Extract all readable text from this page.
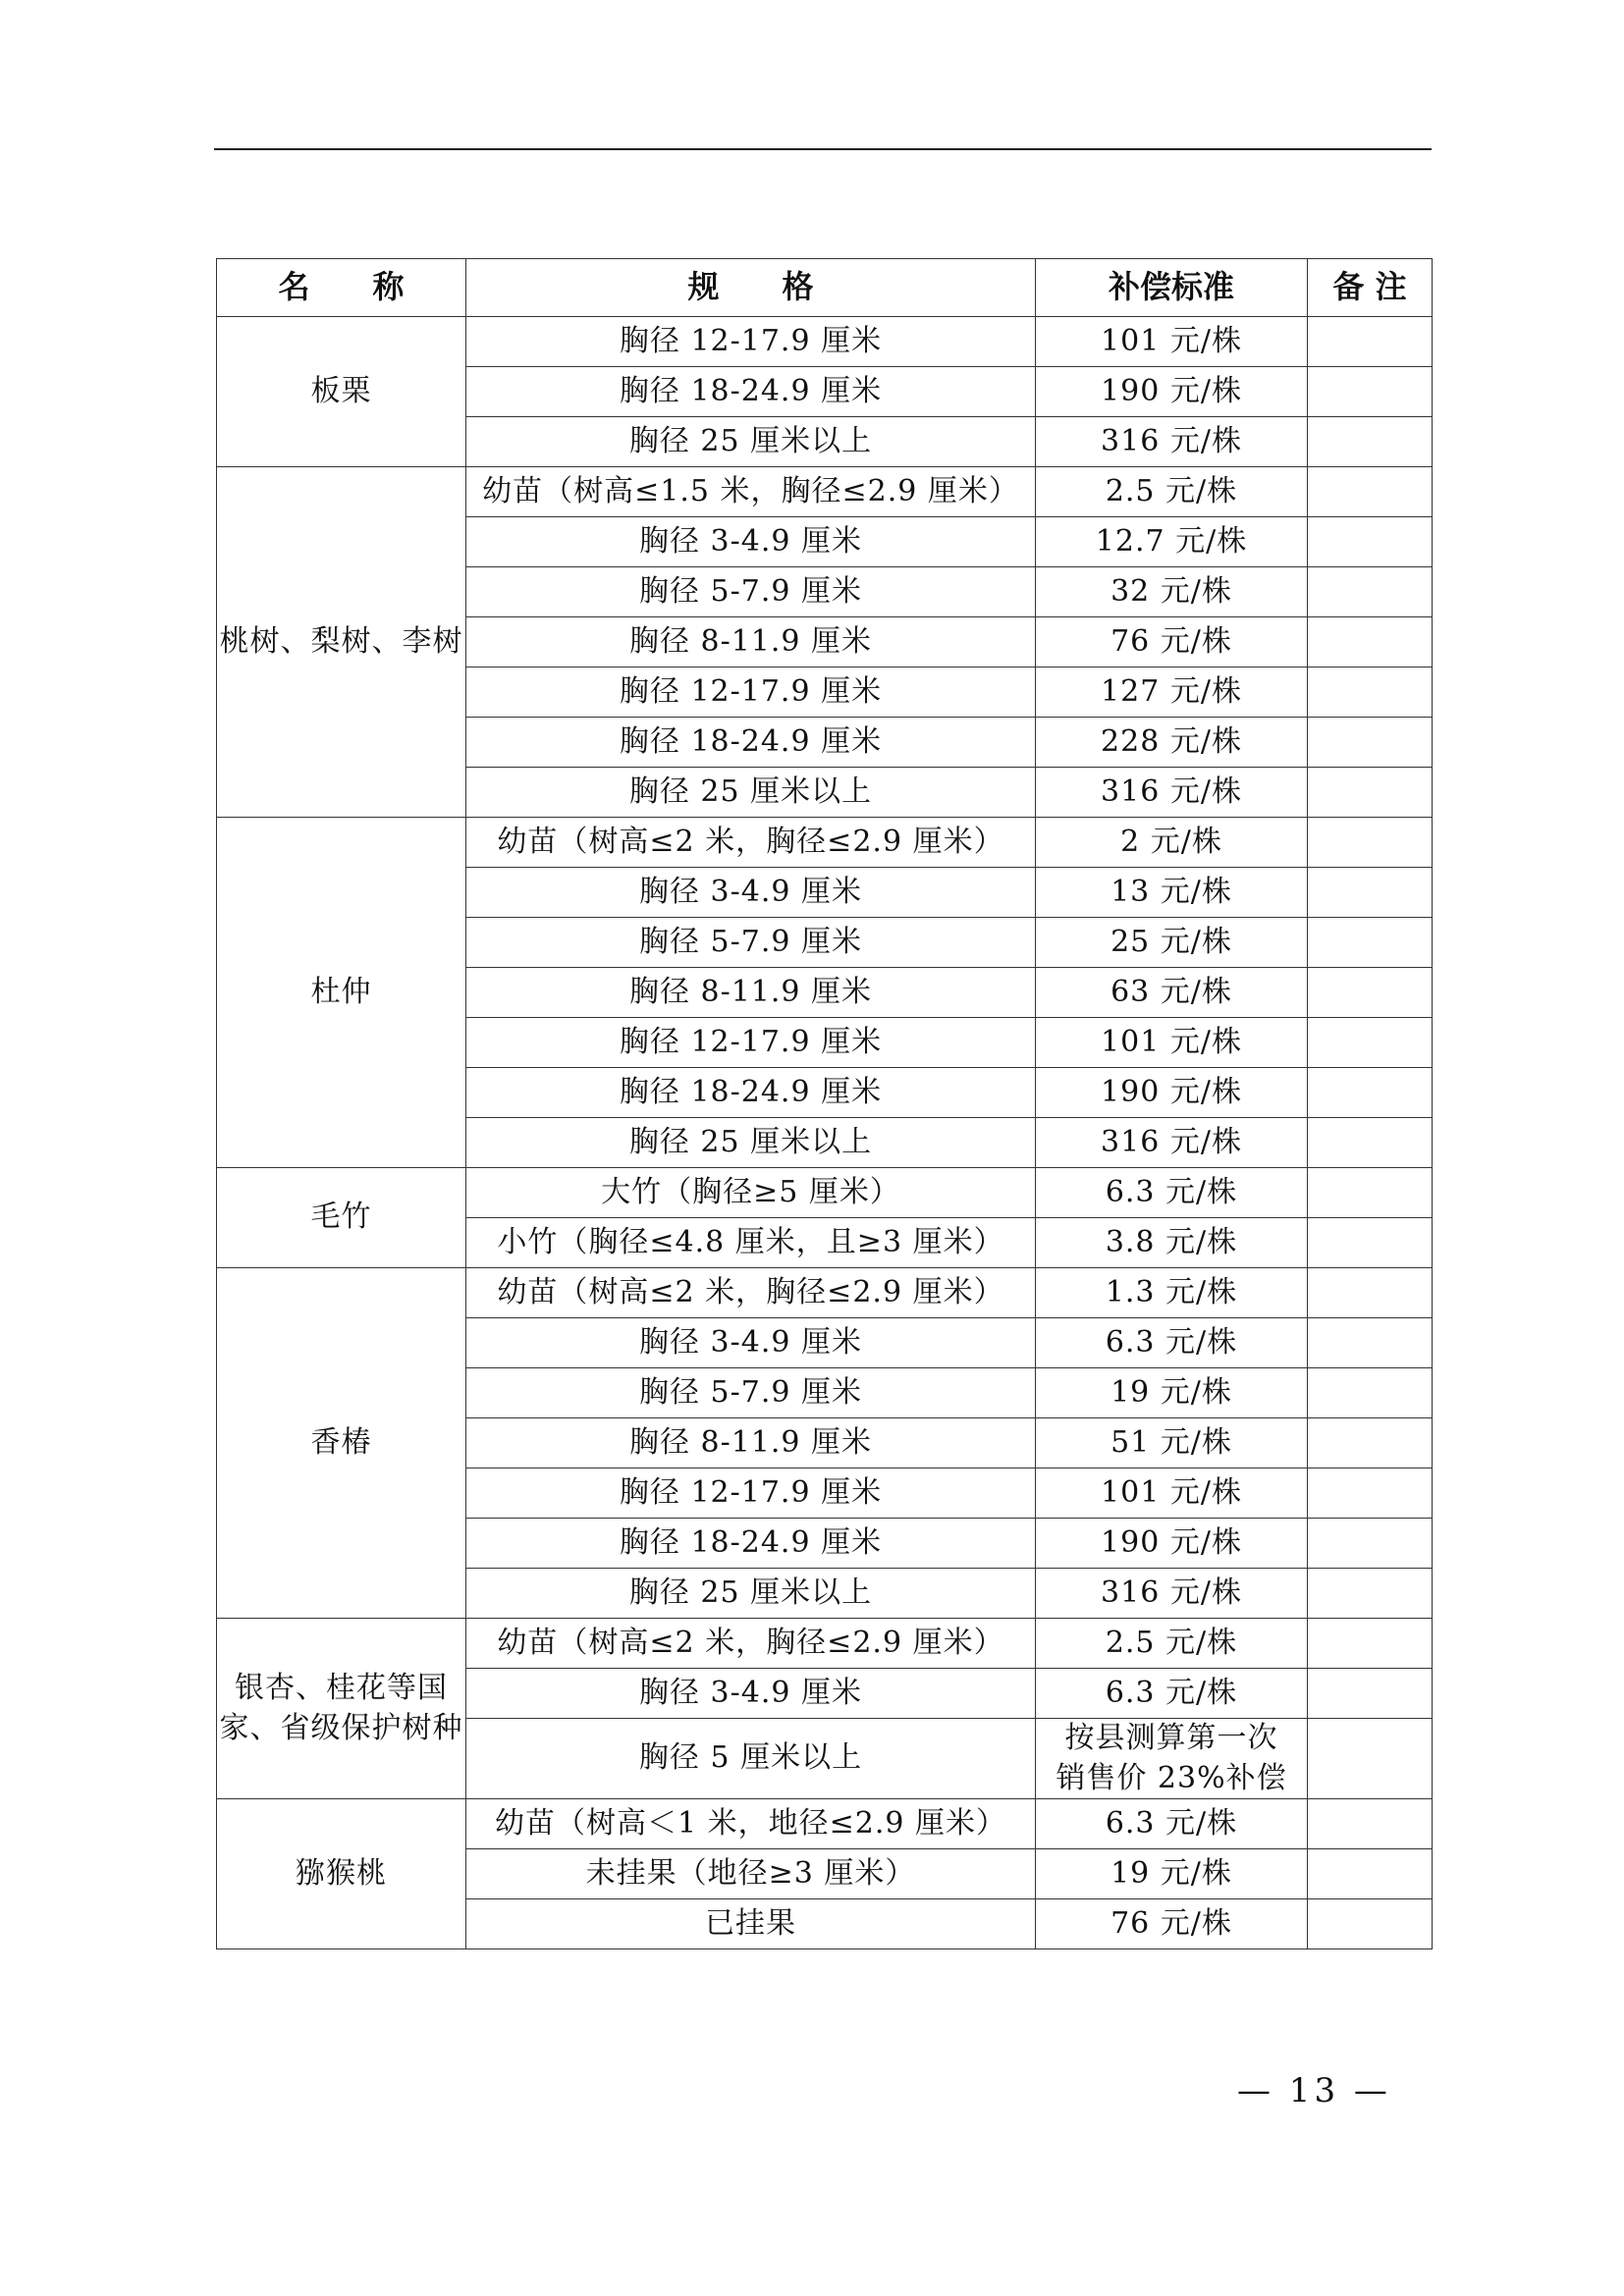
名　　称	规　　格	补偿标准	备 注
板栗	胸径 12-17.9 厘米	101 元/株	
	胸径 18-24.9 厘米	190 元/株	
	胸径 25 厘米以上	316 元/株	
桃树、梨树、李树	幼苗（树高≤1.5 米，胸径≤2.9 厘米）	2.5 元/株	
	胸径 3-4.9 厘米	12.7 元/株	
	胸径 5-7.9 厘米	32 元/株	
	胸径 8-11.9 厘米	76 元/株	
	胸径 12-17.9 厘米	127 元/株	
	胸径 18-24.9 厘米	228 元/株	
	胸径 25 厘米以上	316 元/株	
杜仲	幼苗（树高≤2 米，胸径≤2.9 厘米）	2 元/株	
	胸径 3-4.9 厘米	13 元/株	
	胸径 5-7.9 厘米	25 元/株	
	胸径 8-11.9 厘米	63 元/株	
	胸径 12-17.9 厘米	101 元/株	
	胸径 18-24.9 厘米	190 元/株	
	胸径 25 厘米以上	316 元/株	
毛竹	大竹（胸径≥5 厘米）	6.3 元/株	
	小竹（胸径≤4.8 厘米，且≥3 厘米）	3.8 元/株	
香椿	幼苗（树高≤2 米，胸径≤2.9 厘米）	1.3 元/株	
	胸径 3-4.9 厘米	6.3 元/株	
	胸径 5-7.9 厘米	19 元/株	
	胸径 8-11.9 厘米	51 元/株	
	胸径 12-17.9 厘米	101 元/株	
	胸径 18-24.9 厘米	190 元/株	
	胸径 25 厘米以上	316 元/株	
银杏、桂花等国家、省级保护树种	幼苗（树高≤2 米，胸径≤2.9 厘米）	2.5 元/株	
	胸径 3-4.9 厘米	6.3 元/株	
	胸径 5 厘米以上	按县测算第一次销售价 23%补偿	
猕猴桃	幼苗（树高＜1 米，地径≤2.9 厘米）	6.3 元/株	
	未挂果（地径≥3 厘米）	19 元/株	
	已挂果	76 元/株	
— 13 —
